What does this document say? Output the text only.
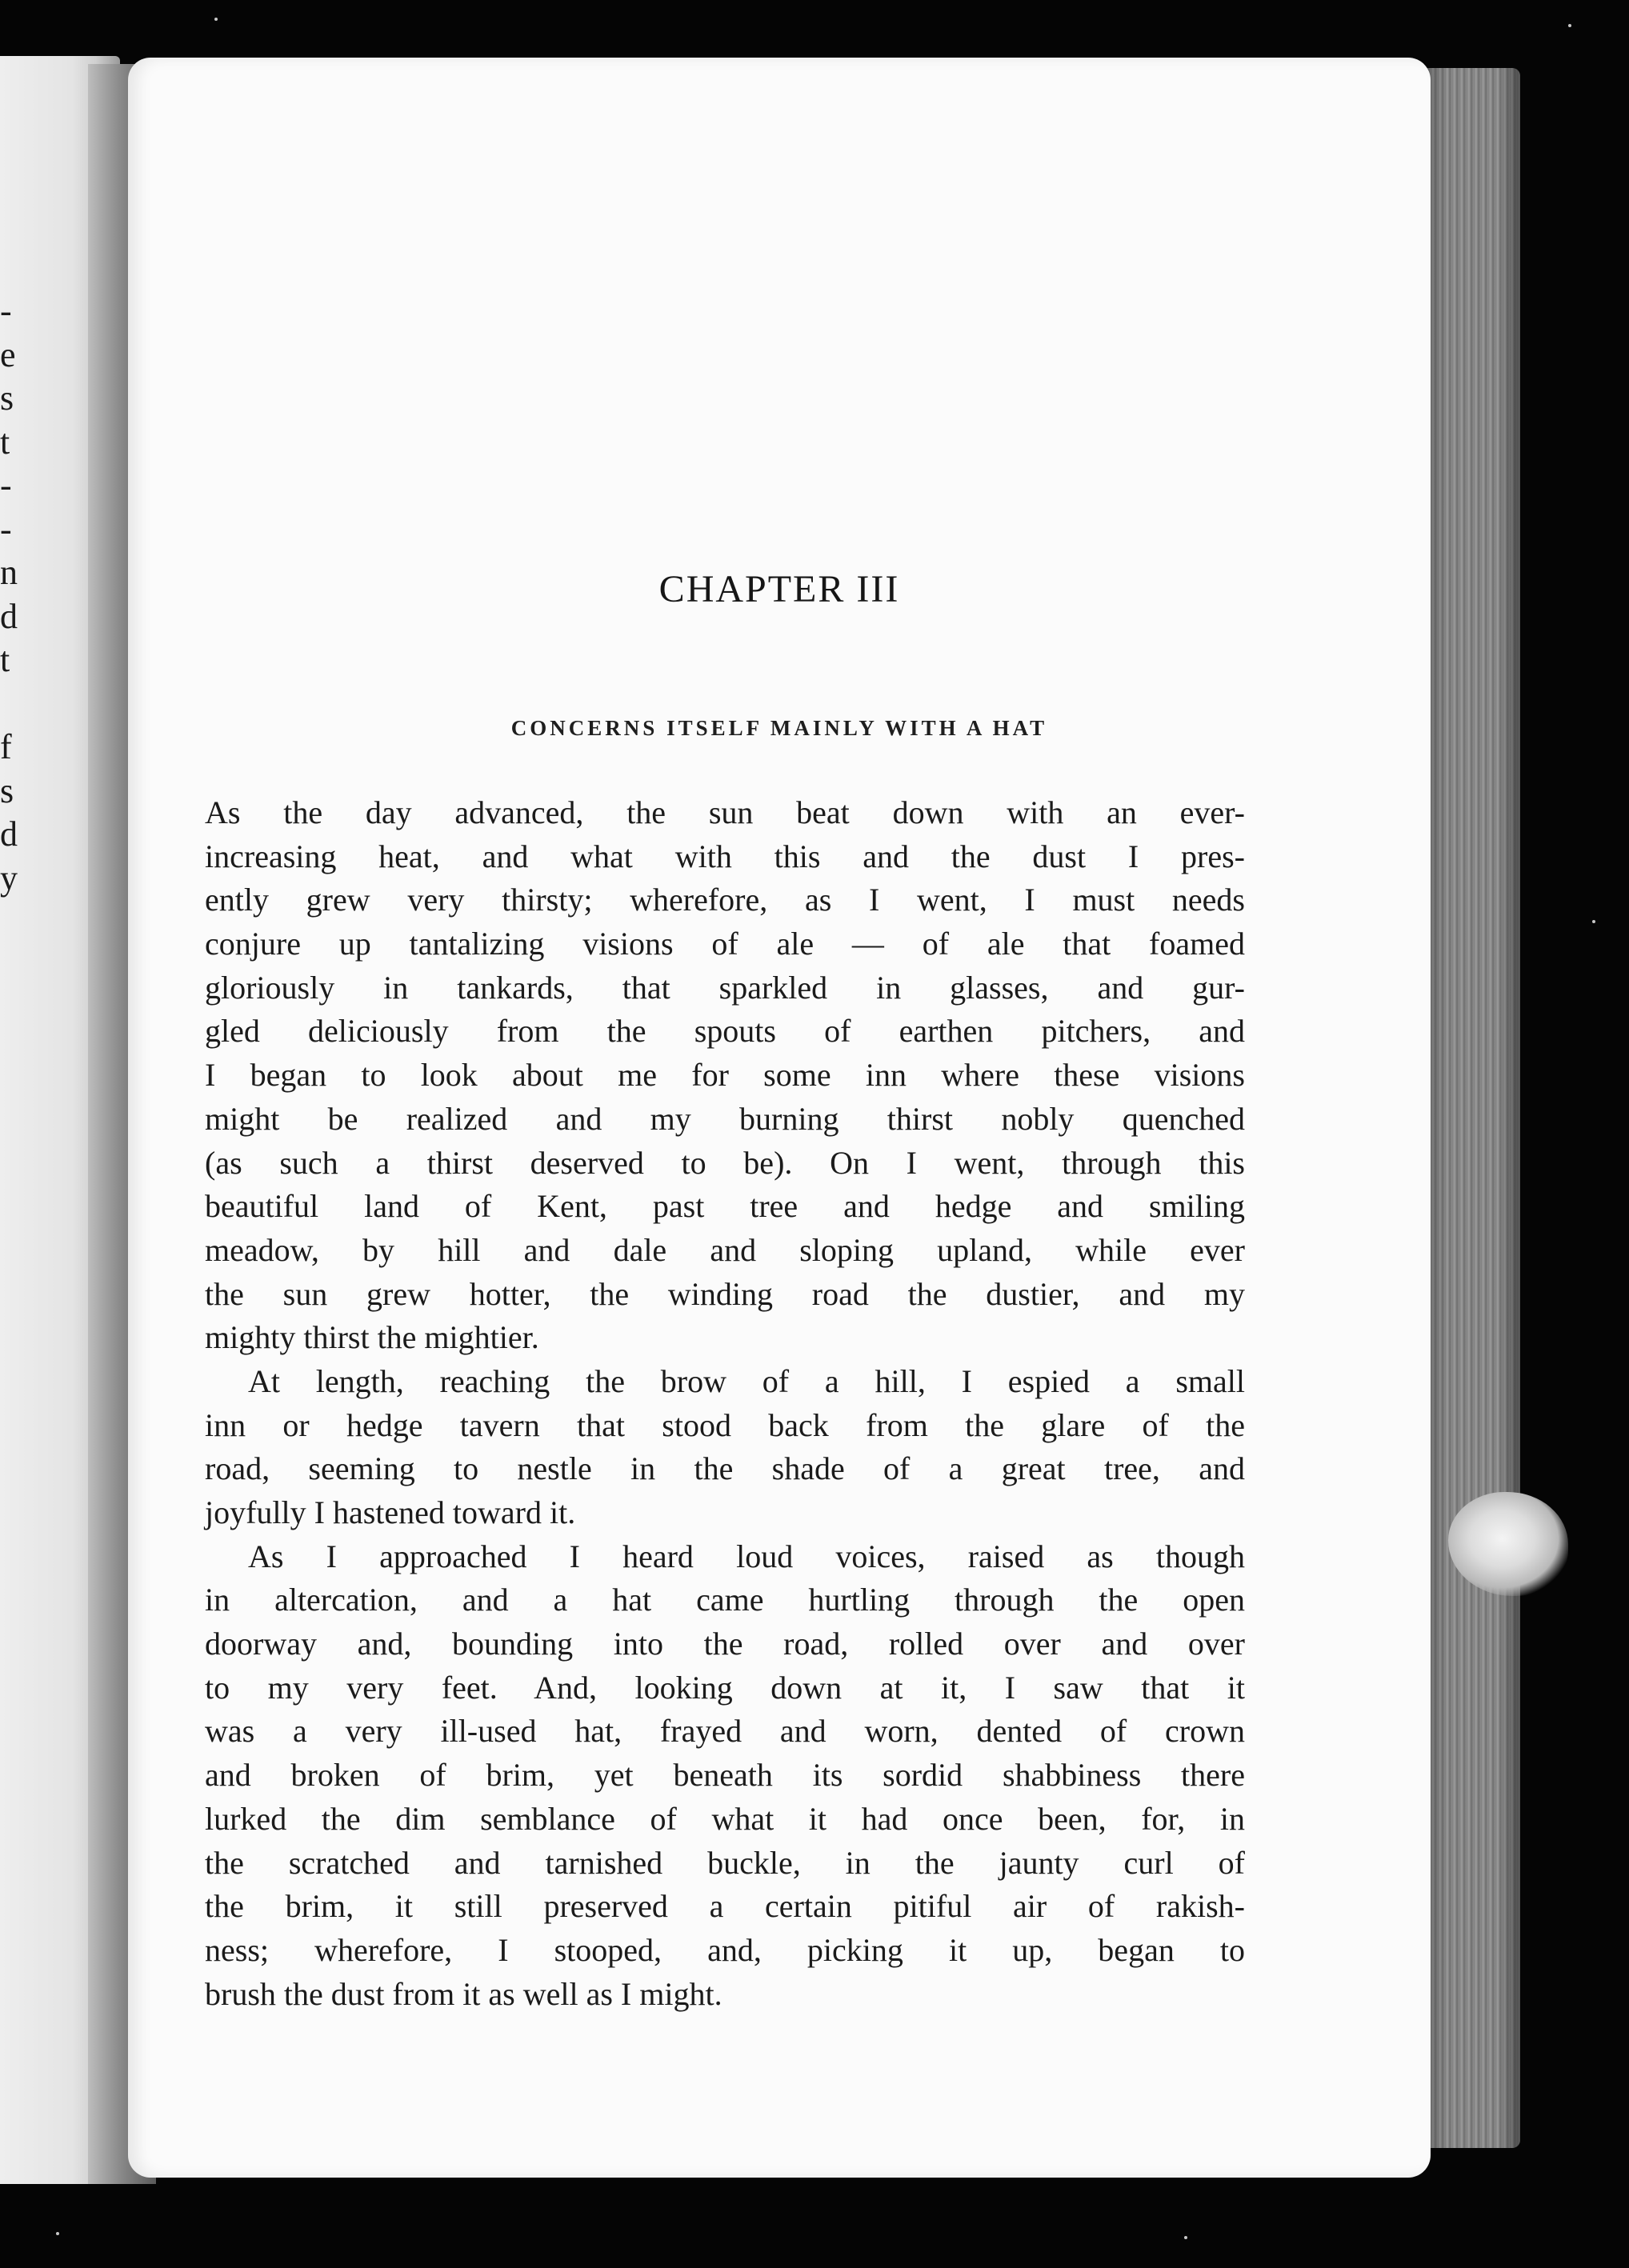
-
e
s
t
-
-
n
d
t
f
s
d
y
CHAPTER III
CONCERNS ITSELF MAINLY WITH A HAT
As the day advanced, the sun beat down with an ever-
increasing heat, and what with this and the dust I pres-
ently grew very thirsty; wherefore, as I went, I must needs
conjure up tantalizing visions of ale — of ale that foamed
gloriously in tankards, that sparkled in glasses, and gur-
gled deliciously from the spouts of earthen pitchers, and
I began to look about me for some inn where these visions
might be realized and my burning thirst nobly quenched
(as such a thirst deserved to be). On I went, through this
beautiful land of Kent, past tree and hedge and smiling
meadow, by hill and dale and sloping upland, while ever
the sun grew hotter, the winding road the dustier, and my
mighty thirst the mightier.
At length, reaching the brow of a hill, I espied a small
inn or hedge tavern that stood back from the glare of the
road, seeming to nestle in the shade of a great tree, and
joyfully I hastened toward it.
As I approached I heard loud voices, raised as though
in altercation, and a hat came hurtling through the open
doorway and, bounding into the road, rolled over and over
to my very feet. And, looking down at it, I saw that it
was a very ill-used hat, frayed and worn, dented of crown
and broken of brim, yet beneath its sordid shabbiness there
lurked the dim semblance of what it had once been, for, in
the scratched and tarnished buckle, in the jaunty curl of
the brim, it still preserved a certain pitiful air of rakish-
ness; wherefore, I stooped, and, picking it up, began to
brush the dust from it as well as I might.
